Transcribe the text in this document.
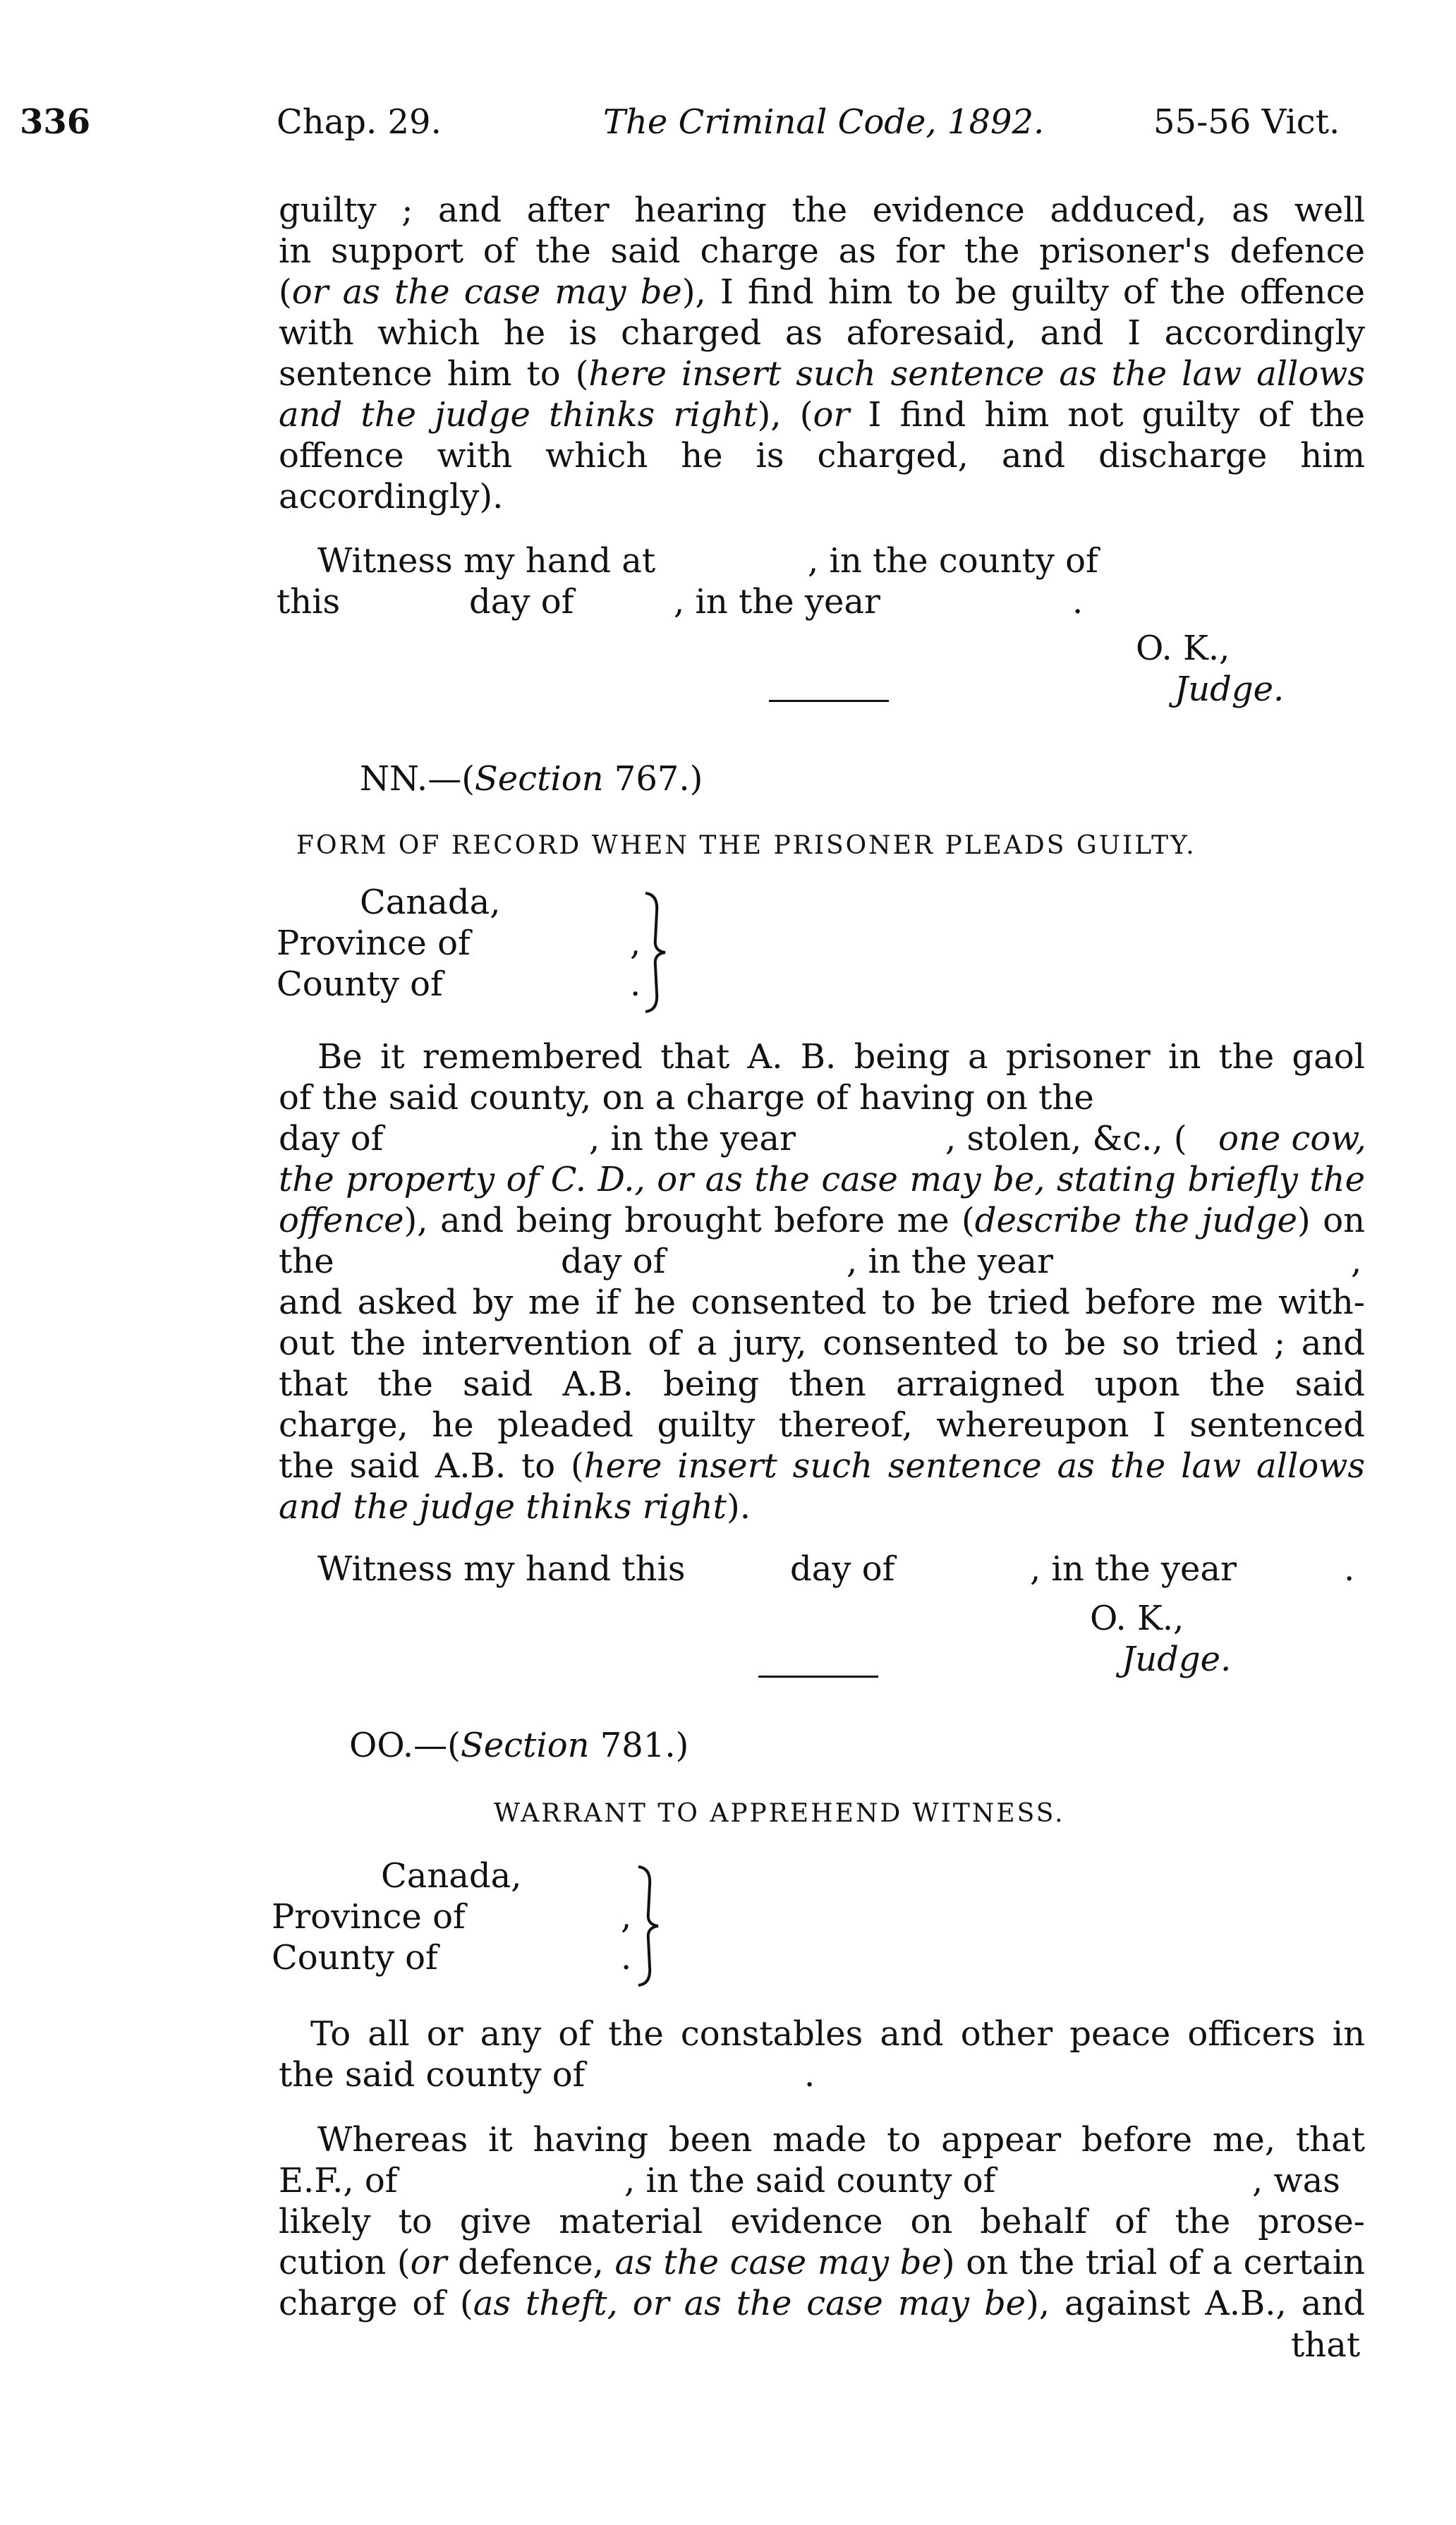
336	Chap. 29.	The Criminal Code, 1892.	55-56 Vict.
guilty ; and after hearing the evidence adduced, as well
in support of the said charge as for the prisoner's defence
(or as the case may be), I find him to be guilty of the offence
with which he is charged as aforesaid, and I accordingly
sentence him to (here insert such sentence as the law allows
and the judge thinks right), (or I find him not guilty of the
offence with which he is charged, and discharge him
accordingly).
Witness my hand at	, in the county of
this	day of	, in the year	.
O. K.,
Judge.
NN.—(Section 767.)
FORM OF RECORD WHEN THE PRISONER PLEADS GUILTY.
Canada,
Province of
County of
,
.
Be it remembered that A. B. being a prisoner in the gaol
of the said county, on a charge of having on the
day of	, in the year	, stolen, &c., ( one cow,
the property of C. D., or as the case may be, stating briefly the
offence), and being brought before me (describe the judge) on
the	day of	, in the year	,
and asked by me if he consented to be tried before me with-
out the intervention of a jury, consented to be so tried ; and
that the said A.B. being then arraigned upon the said
charge, he pleaded guilty thereof, whereupon I sentenced
the said A.B. to (here insert such sentence as the law allows
and the judge thinks right).
Witness my hand this	day of	, in the year	.
O. K.,
Judge.
OO.—(Section 781.)
WARRANT TO APPREHEND WITNESS.
Canada,
Province of
County of
,
.
To all or any of the constables and other peace officers in
the said county of	.
Whereas it having been made to appear before me, that
E.F., of	, in the said county of	, was
likely to give material evidence on behalf of the prose-
cution (or defence, as the case may be) on the trial of a certain
charge of (as theft, or as the case may be), against A.B., and
that
